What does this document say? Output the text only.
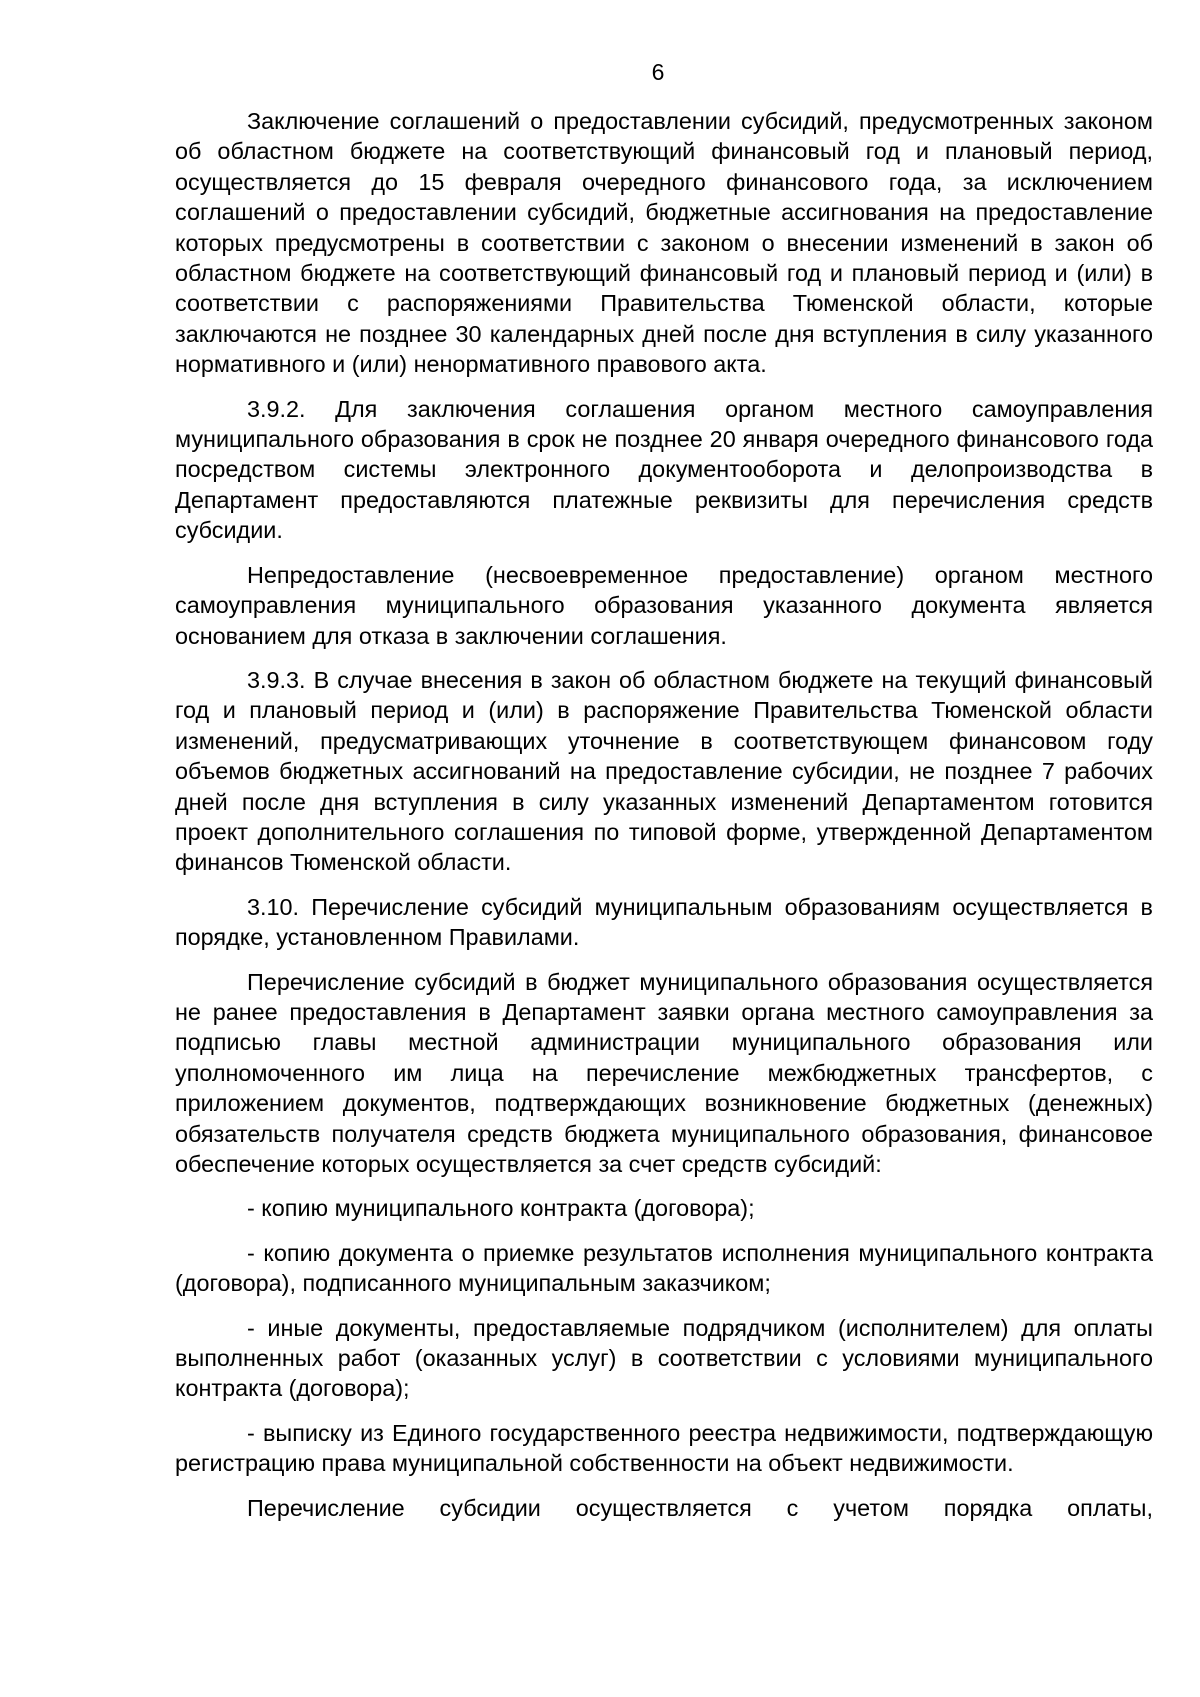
6

Заключение соглашений о предоставлении субсидий, предусмотренных законом об областном бюджете на соответствующий финансовый год и плановый период, осуществляется до 15 февраля очередного финансового года, за исключением соглашений о предоставлении субсидий, бюджетные ассигнования на предоставление которых предусмотрены в соответствии с законом о внесении изменений в закон об областном бюджете на соответствующий финансовый год и плановый период и (или) в соответствии с распоряжениями Правительства Тюменской области, которые заключаются не позднее 30 календарных дней после дня вступления в силу указанного нормативного и (или) ненормативного правового акта.

3.9.2. Для заключения соглашения органом местного самоуправления муниципального образования в срок не позднее 20 января очередного финансового года посредством системы электронного документооборота и делопроизводства в Департамент предоставляются платежные реквизиты для перечисления средств субсидии.

Непредоставление (несвоевременное предоставление) органом местного самоуправления муниципального образования указанного документа является основанием для отказа в заключении соглашения.

3.9.3. В случае внесения в закон об областном бюджете на текущий финансовый год и плановый период и (или) в распоряжение Правительства Тюменской области изменений, предусматривающих уточнение в соответствующем финансовом году объемов бюджетных ассигнований на предоставление субсидии, не позднее 7 рабочих дней после дня вступления в силу указанных изменений Департаментом готовится проект дополнительного соглашения по типовой форме, утвержденной Департаментом финансов Тюменской области.

3.10. Перечисление субсидий муниципальным образованиям осуществляется в порядке, установленном Правилами.

Перечисление субсидий в бюджет муниципального образования осуществляется не ранее предоставления в Департамент заявки органа местного самоуправления за подписью главы местной администрации муниципального образования или уполномоченного им лица на перечисление межбюджетных трансфертов, с приложением документов, подтверждающих возникновение бюджетных (денежных) обязательств получателя средств бюджета муниципального образования, финансовое обеспечение которых осуществляется за счет средств субсидий:

- копию муниципального контракта (договора);

- копию документа о приемке результатов исполнения муниципального контракта (договора), подписанного муниципальным заказчиком;

- иные документы, предоставляемые подрядчиком (исполнителем) для оплаты выполненных работ (оказанных услуг) в соответствии с условиями муниципального контракта (договора);

- выписку из Единого государственного реестра недвижимости, подтверждающую регистрацию права муниципальной собственности на объект недвижимости.

Перечисление субсидии осуществляется с учетом порядка оплаты,
